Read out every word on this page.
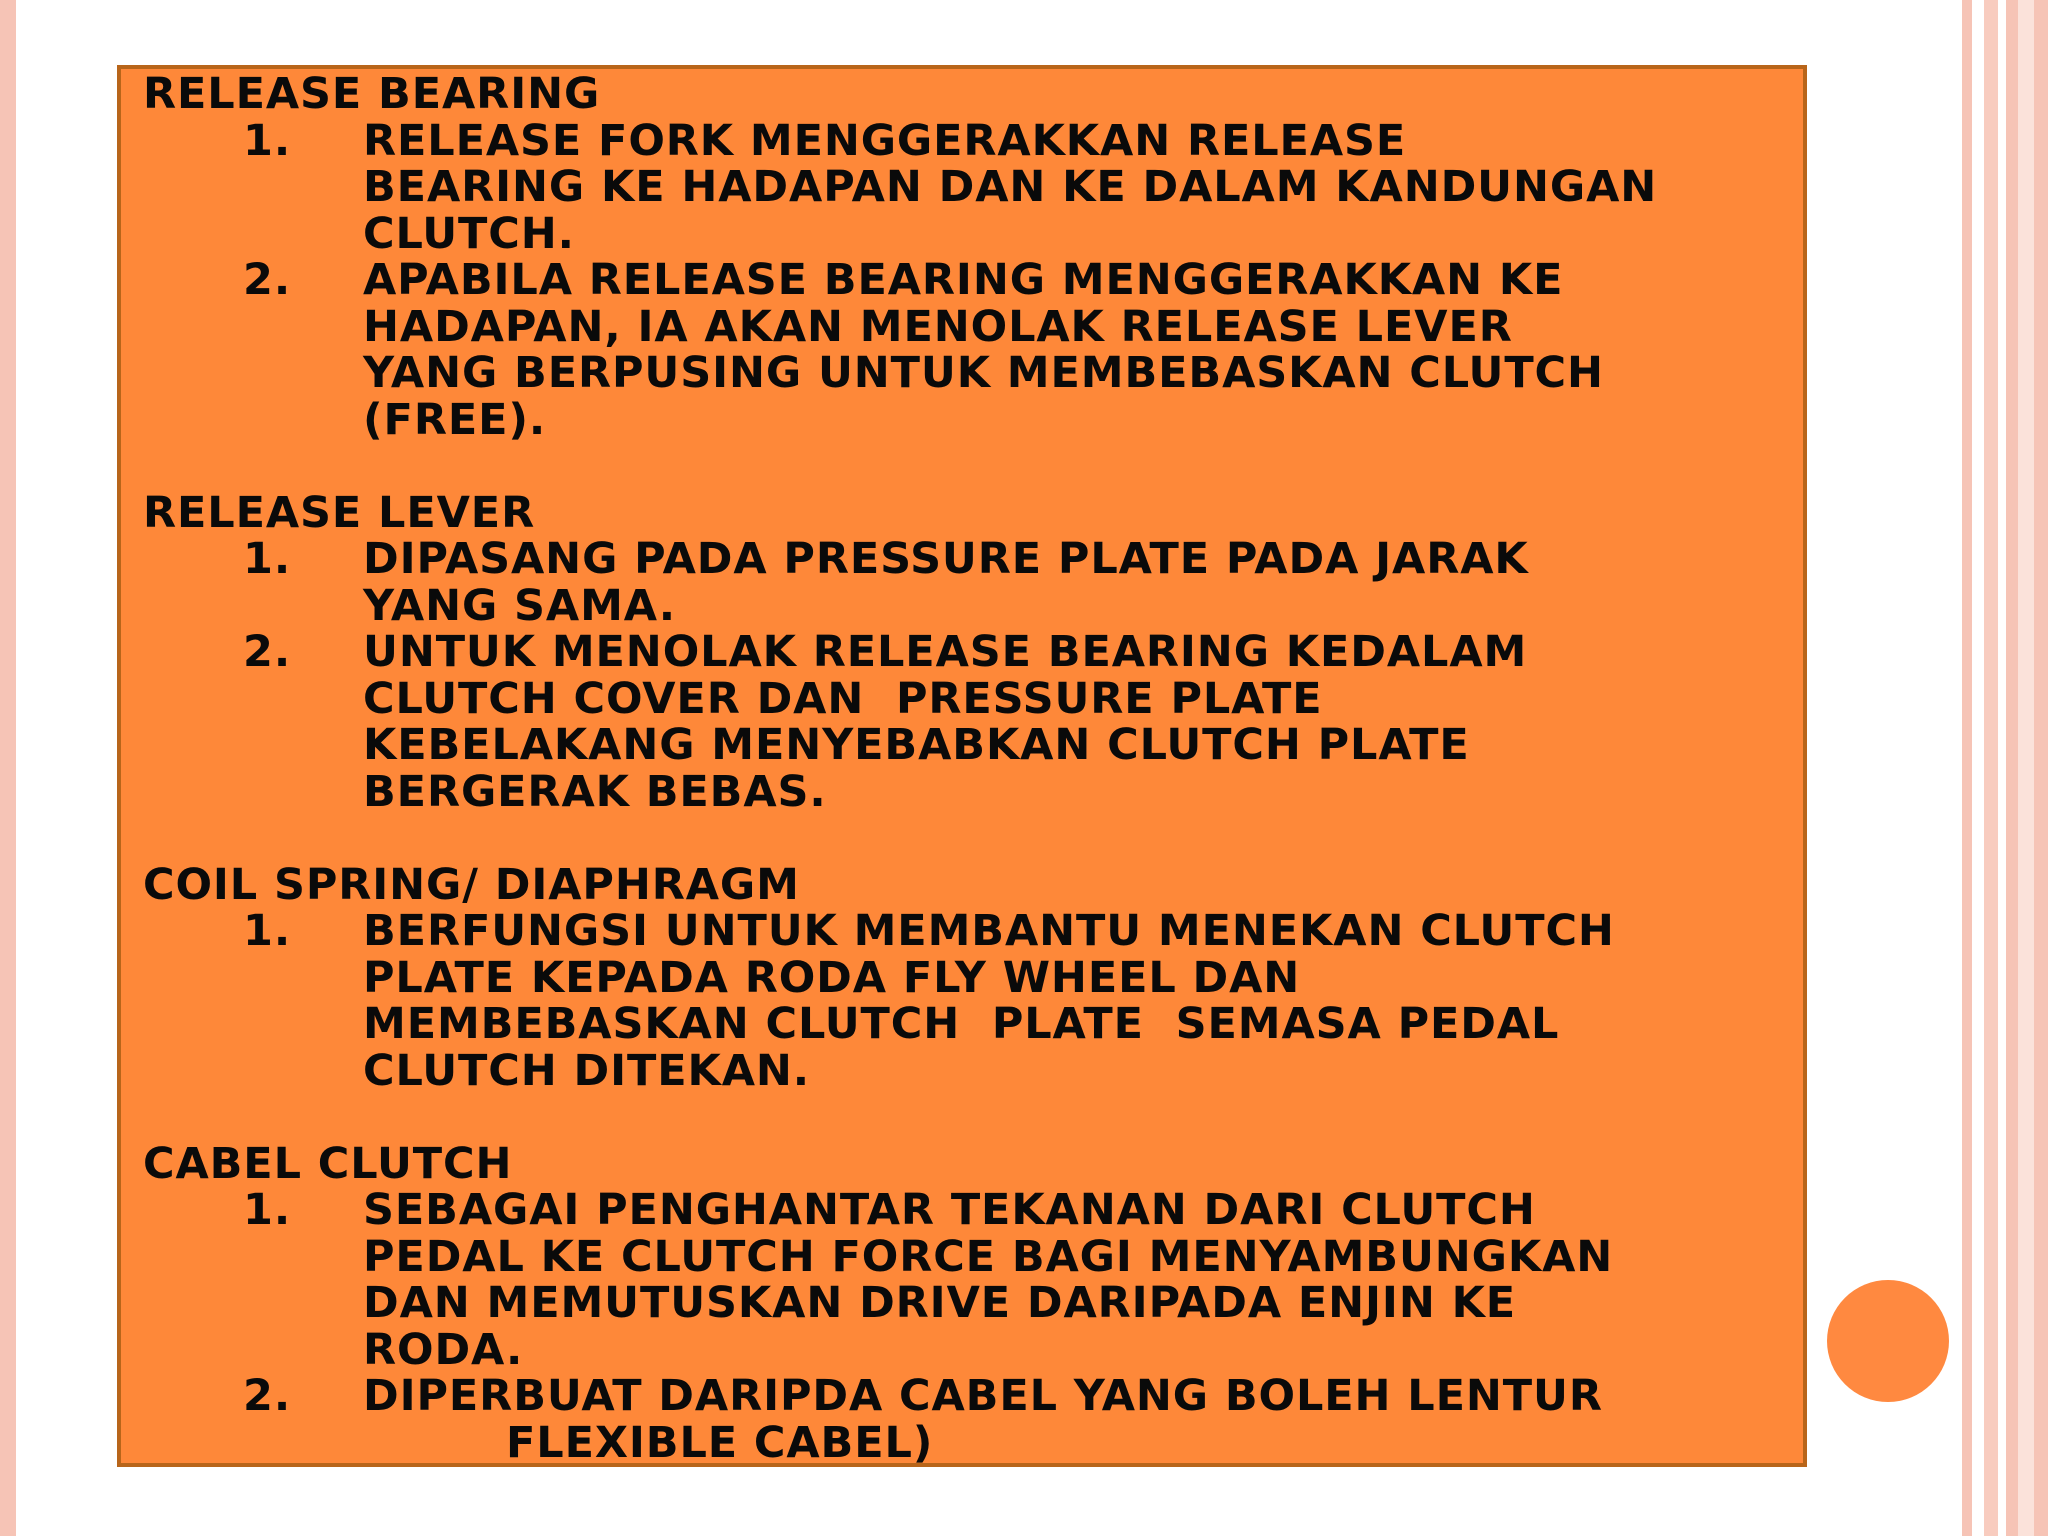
RELEASE BEARING
1. RELEASE FORK MENGGERAKKAN RELEASE
BEARING KE HADAPAN DAN KE DALAM KANDUNGAN
CLUTCH.
2. APABILA RELEASE BEARING MENGGERAKKAN KE
HADAPAN, IA AKAN MENOLAK RELEASE LEVER
YANG BERPUSING UNTUK MEMBEBASKAN CLUTCH
(FREE).
RELEASE LEVER
1. DIPASANG PADA PRESSURE PLATE PADA JARAK
YANG SAMA.
2. UNTUK MENOLAK RELEASE BEARING KEDALAM
CLUTCH COVER DAN  PRESSURE PLATE
KEBELAKANG MENYEBABKAN CLUTCH PLATE
BERGERAK BEBAS.
COIL SPRING/ DIAPHRAGM
1. BERFUNGSI UNTUK MEMBANTU MENEKAN CLUTCH
PLATE KEPADA RODA FLY WHEEL DAN
MEMBEBASKAN CLUTCH  PLATE  SEMASA PEDAL
CLUTCH DITEKAN.
CABEL CLUTCH
1. SEBAGAI PENGHANTAR TEKANAN DARI CLUTCH
PEDAL KE CLUTCH FORCE BAGI MENYAMBUNGKAN
DAN MEMUTUSKAN DRIVE DARIPADA ENJIN KE
RODA.
2. DIPERBUAT DARIPDA CABEL YANG BOLEH LENTUR
FLEXIBLE CABEL)
